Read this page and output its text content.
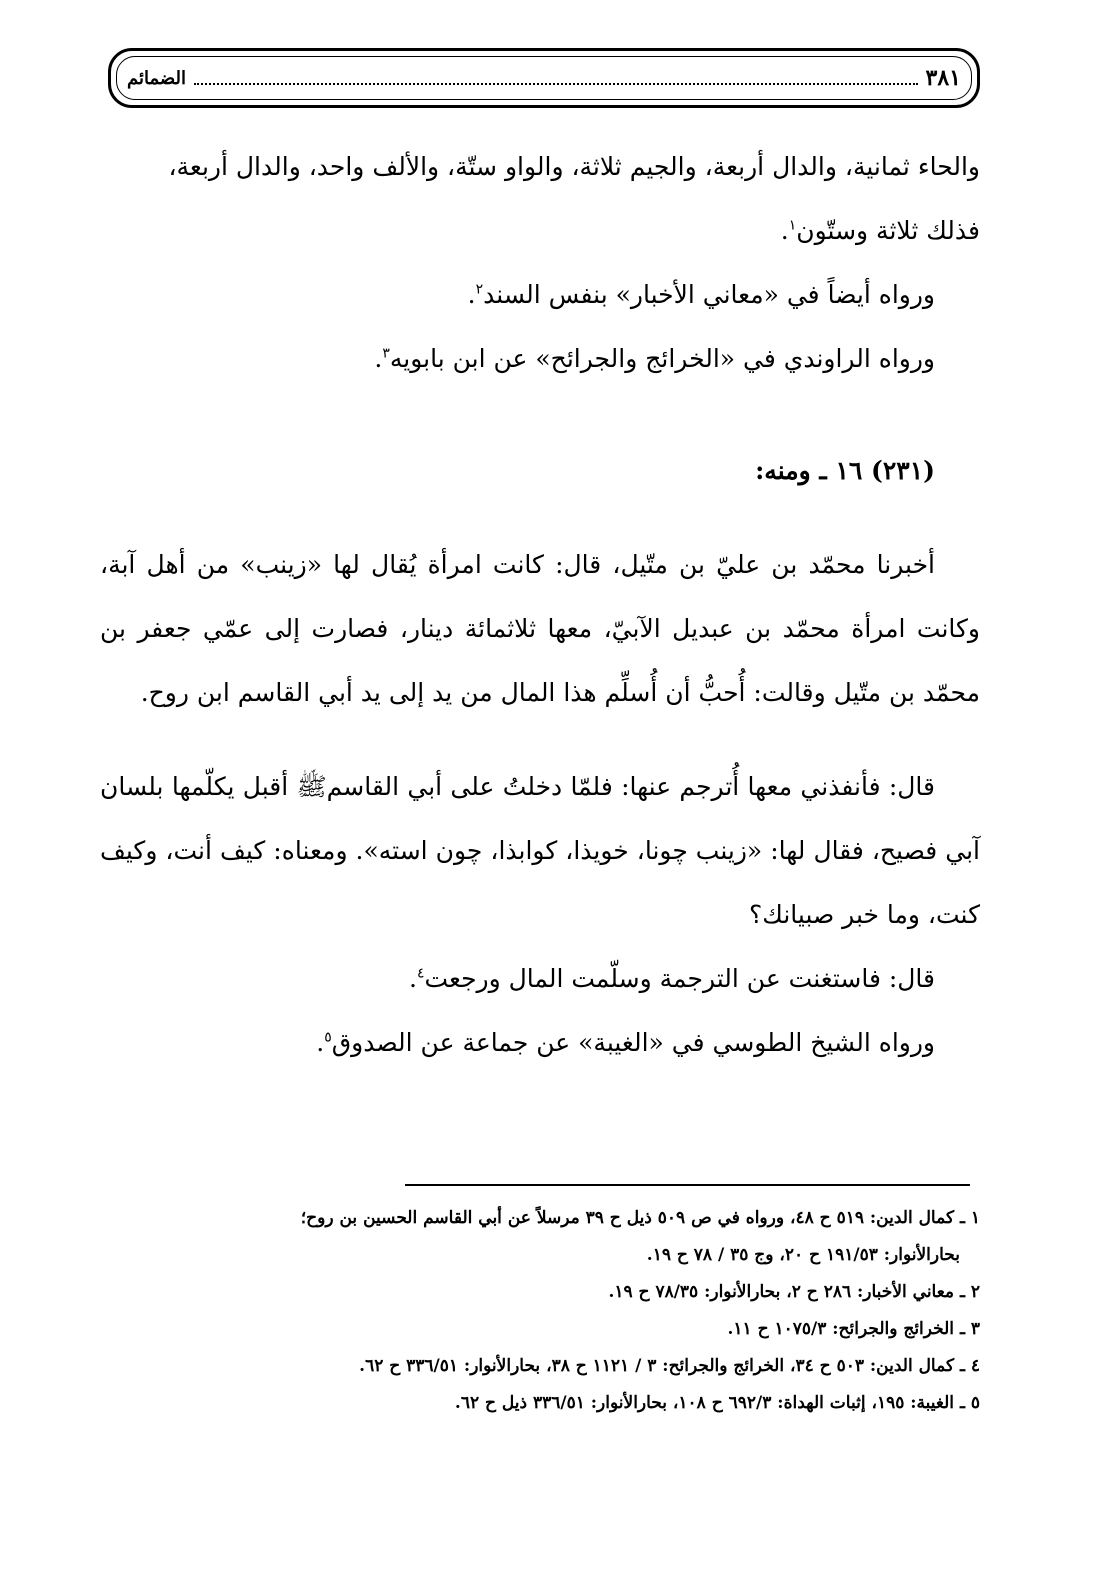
الضمائم	٣٨١

والحاء ثمانية، والدال أربعة، والجيم ثلاثة، والواو ستّة، والألف واحد، والدال أربعة،
فذلك ثلاثة وستّون$^١$.

ورواه أيضاً في «معاني الأخبار» بنفس السند$^٢$.

ورواه الراوندي في «الخرائج والجرائح» عن ابن بابويه$^٣$.

(٢٣١) ١٦ ـ ومنه:

أخبرنا محمّد بن عليّ بن متّيل، قال: كانت امرأة يُقال لها «زينب» من أهل آبة، وكانت امرأة محمّد بن عبديل الآبيّ، معها ثلاثمائة دينار، فصارت إلى عمّي جعفر بن محمّد بن متّيل وقالت: أُحبُّ أن أُسلِّم هذا المال من يد إلى يد أبي القاسم ابن روح.

قال: فأنفذني معها أُترجم عنها: فلمّا دخلتُ على أبي القاسمﷺ أقبل يكلّمها بلسان آبي فصيح، فقال لها: «زينب چونا، خويذا، كوابذا، چون استه». ومعناه: كيف أنت، وكيف كنت، وما خبر صبيانك؟

قال: فاستغنت عن الترجمة وسلّمت المال ورجعت$^٤$.

ورواه الشيخ الطوسي في «الغيبة» عن جماعة عن الصدوق$^٥$.

١ ـ كمال الدين: ٥١٩ ح ٤٨، ورواه في ص ٥٠٩ ذيل ح ٣٩ مرسلاً عن أبي القاسم الحسين بن روح؛

بحارالأنوار: ١٩١/٥٣ ح ٢٠، وج ٣٥ / ٧٨ ح ١٩.

٢ ـ معاني الأخبار: ٢٨٦ ح ٢، بحارالأنوار: ٧٨/٣٥ ح ١٩.

٣ ـ الخرائج والجرائح: ١٠٧٥/٣ ح ١١.

٤ ـ كمال الدين: ٥٠٣ ح ٣٤، الخرائج والجرائح: ٣ / ١١٢١ ح ٣٨، بحارالأنوار: ٣٣٦/٥١ ح ٦٢.

٥ ـ الغيبة: ١٩٥، إثبات الهداة: ٦٩٢/٣ ح ١٠٨، بحارالأنوار: ٣٣٦/٥١ ذيل ح ٦٢.
